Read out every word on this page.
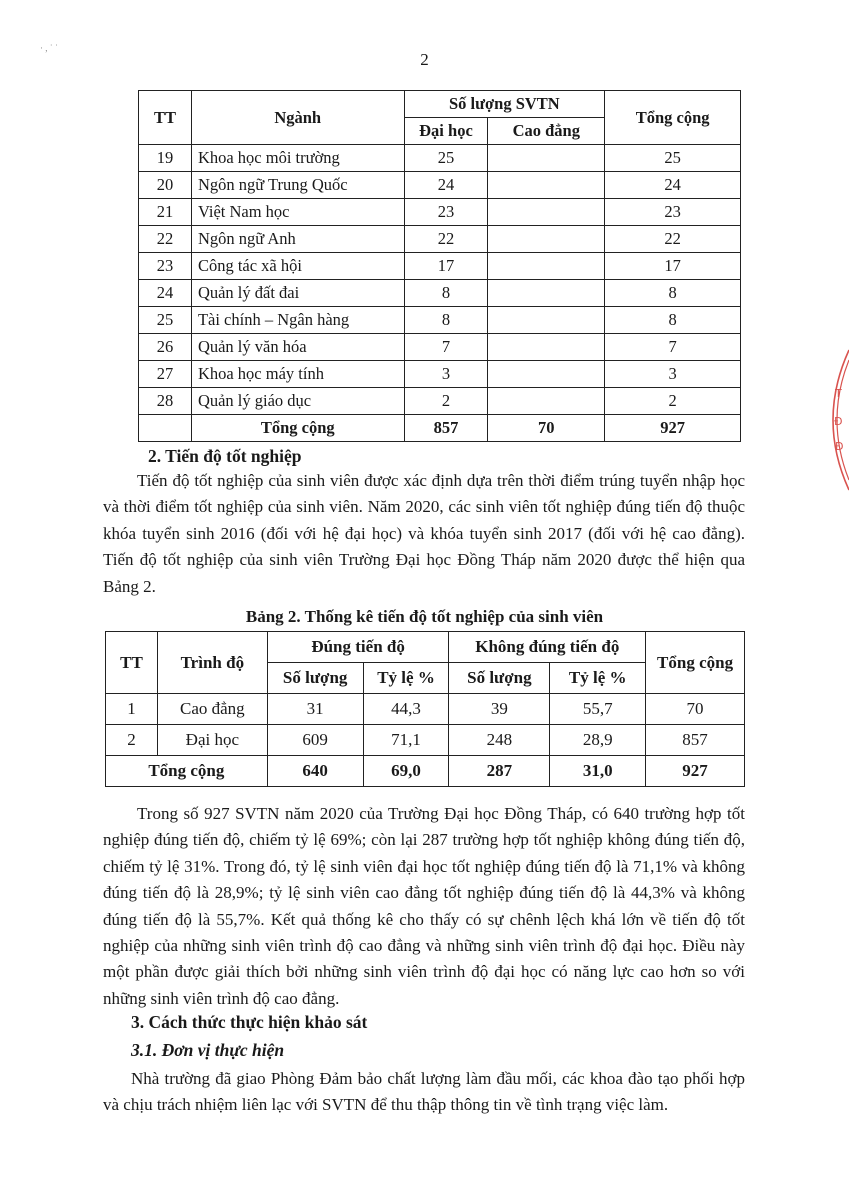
· , ˙ ˙
2
TT	Ngành	Số lượng SVTN		Tổng cộng
		Đại học	Cao đẳng	
19	Khoa học môi trường	25		25
20	Ngôn ngữ Trung Quốc	24		24
21	Việt Nam học	23		23
22	Ngôn ngữ Anh	22		22
23	Công tác xã hội	17		17
24	Quản lý đất đai	8		8
25	Tài chính – Ngân hàng	8		8
26	Quản lý văn hóa	7		7
27	Khoa học máy tính	3		3
28	Quản lý giáo dục	2		2
	Tổng cộng	857	70	927
2. Tiến độ tốt nghiệp
Tiến độ tốt nghiệp của sinh viên được xác định dựa trên thời điểm trúng tuyển nhập học và thời điểm tốt nghiệp của sinh viên. Năm 2020, các sinh viên tốt nghiệp đúng tiến độ thuộc khóa tuyển sinh 2016 (đối với hệ đại học) và khóa tuyển sinh 2017 (đối với hệ cao đẳng). Tiến độ tốt nghiệp của sinh viên Trường Đại học Đồng Tháp năm 2020 được thể hiện qua Bảng 2.
Bảng 2. Thống kê tiến độ tốt nghiệp của sinh viên
TT	Trình độ	Đúng tiến độ		Không đúng tiến độ		Tổng cộng
		Số lượng	Tỷ lệ %	Số lượng	Tỷ lệ %	
1	Cao đẳng	31	44,3	39	55,7	70
2	Đại học	609	71,1	248	28,9	857
Tổng cộng		640	69,0	287	31,0	927
Trong số 927 SVTN năm 2020 của Trường Đại học Đồng Tháp, có 640 trường hợp tốt nghiệp đúng tiến độ, chiếm tỷ lệ 69%; còn lại 287 trường hợp tốt nghiệp không đúng tiến độ, chiếm tỷ lệ 31%. Trong đó, tỷ lệ sinh viên đại học tốt nghiệp đúng tiến độ là 71,1% và không đúng tiến độ là 28,9%; tỷ lệ sinh viên cao đẳng tốt nghiệp đúng tiến độ là 44,3% và không đúng tiến độ là 55,7%. Kết quả thống kê cho thấy có sự chênh lệch khá lớn về tiến độ tốt nghiệp của những sinh viên trình độ cao đẳng và những sinh viên trình độ đại học. Điều này một phần được giải thích bởi những sinh viên trình độ đại học có năng lực cao hơn so với những sinh viên trình độ cao đẳng.
3. Cách thức thực hiện khảo sát
3.1. Đơn vị thực hiện
Nhà trường đã giao Phòng Đảm bảo chất lượng làm đầu mối, các khoa đào tạo phối hợp và chịu trách nhiệm liên lạc với SVTN để thu thập thông tin về tình trạng việc làm.
T
Đ
Đ
